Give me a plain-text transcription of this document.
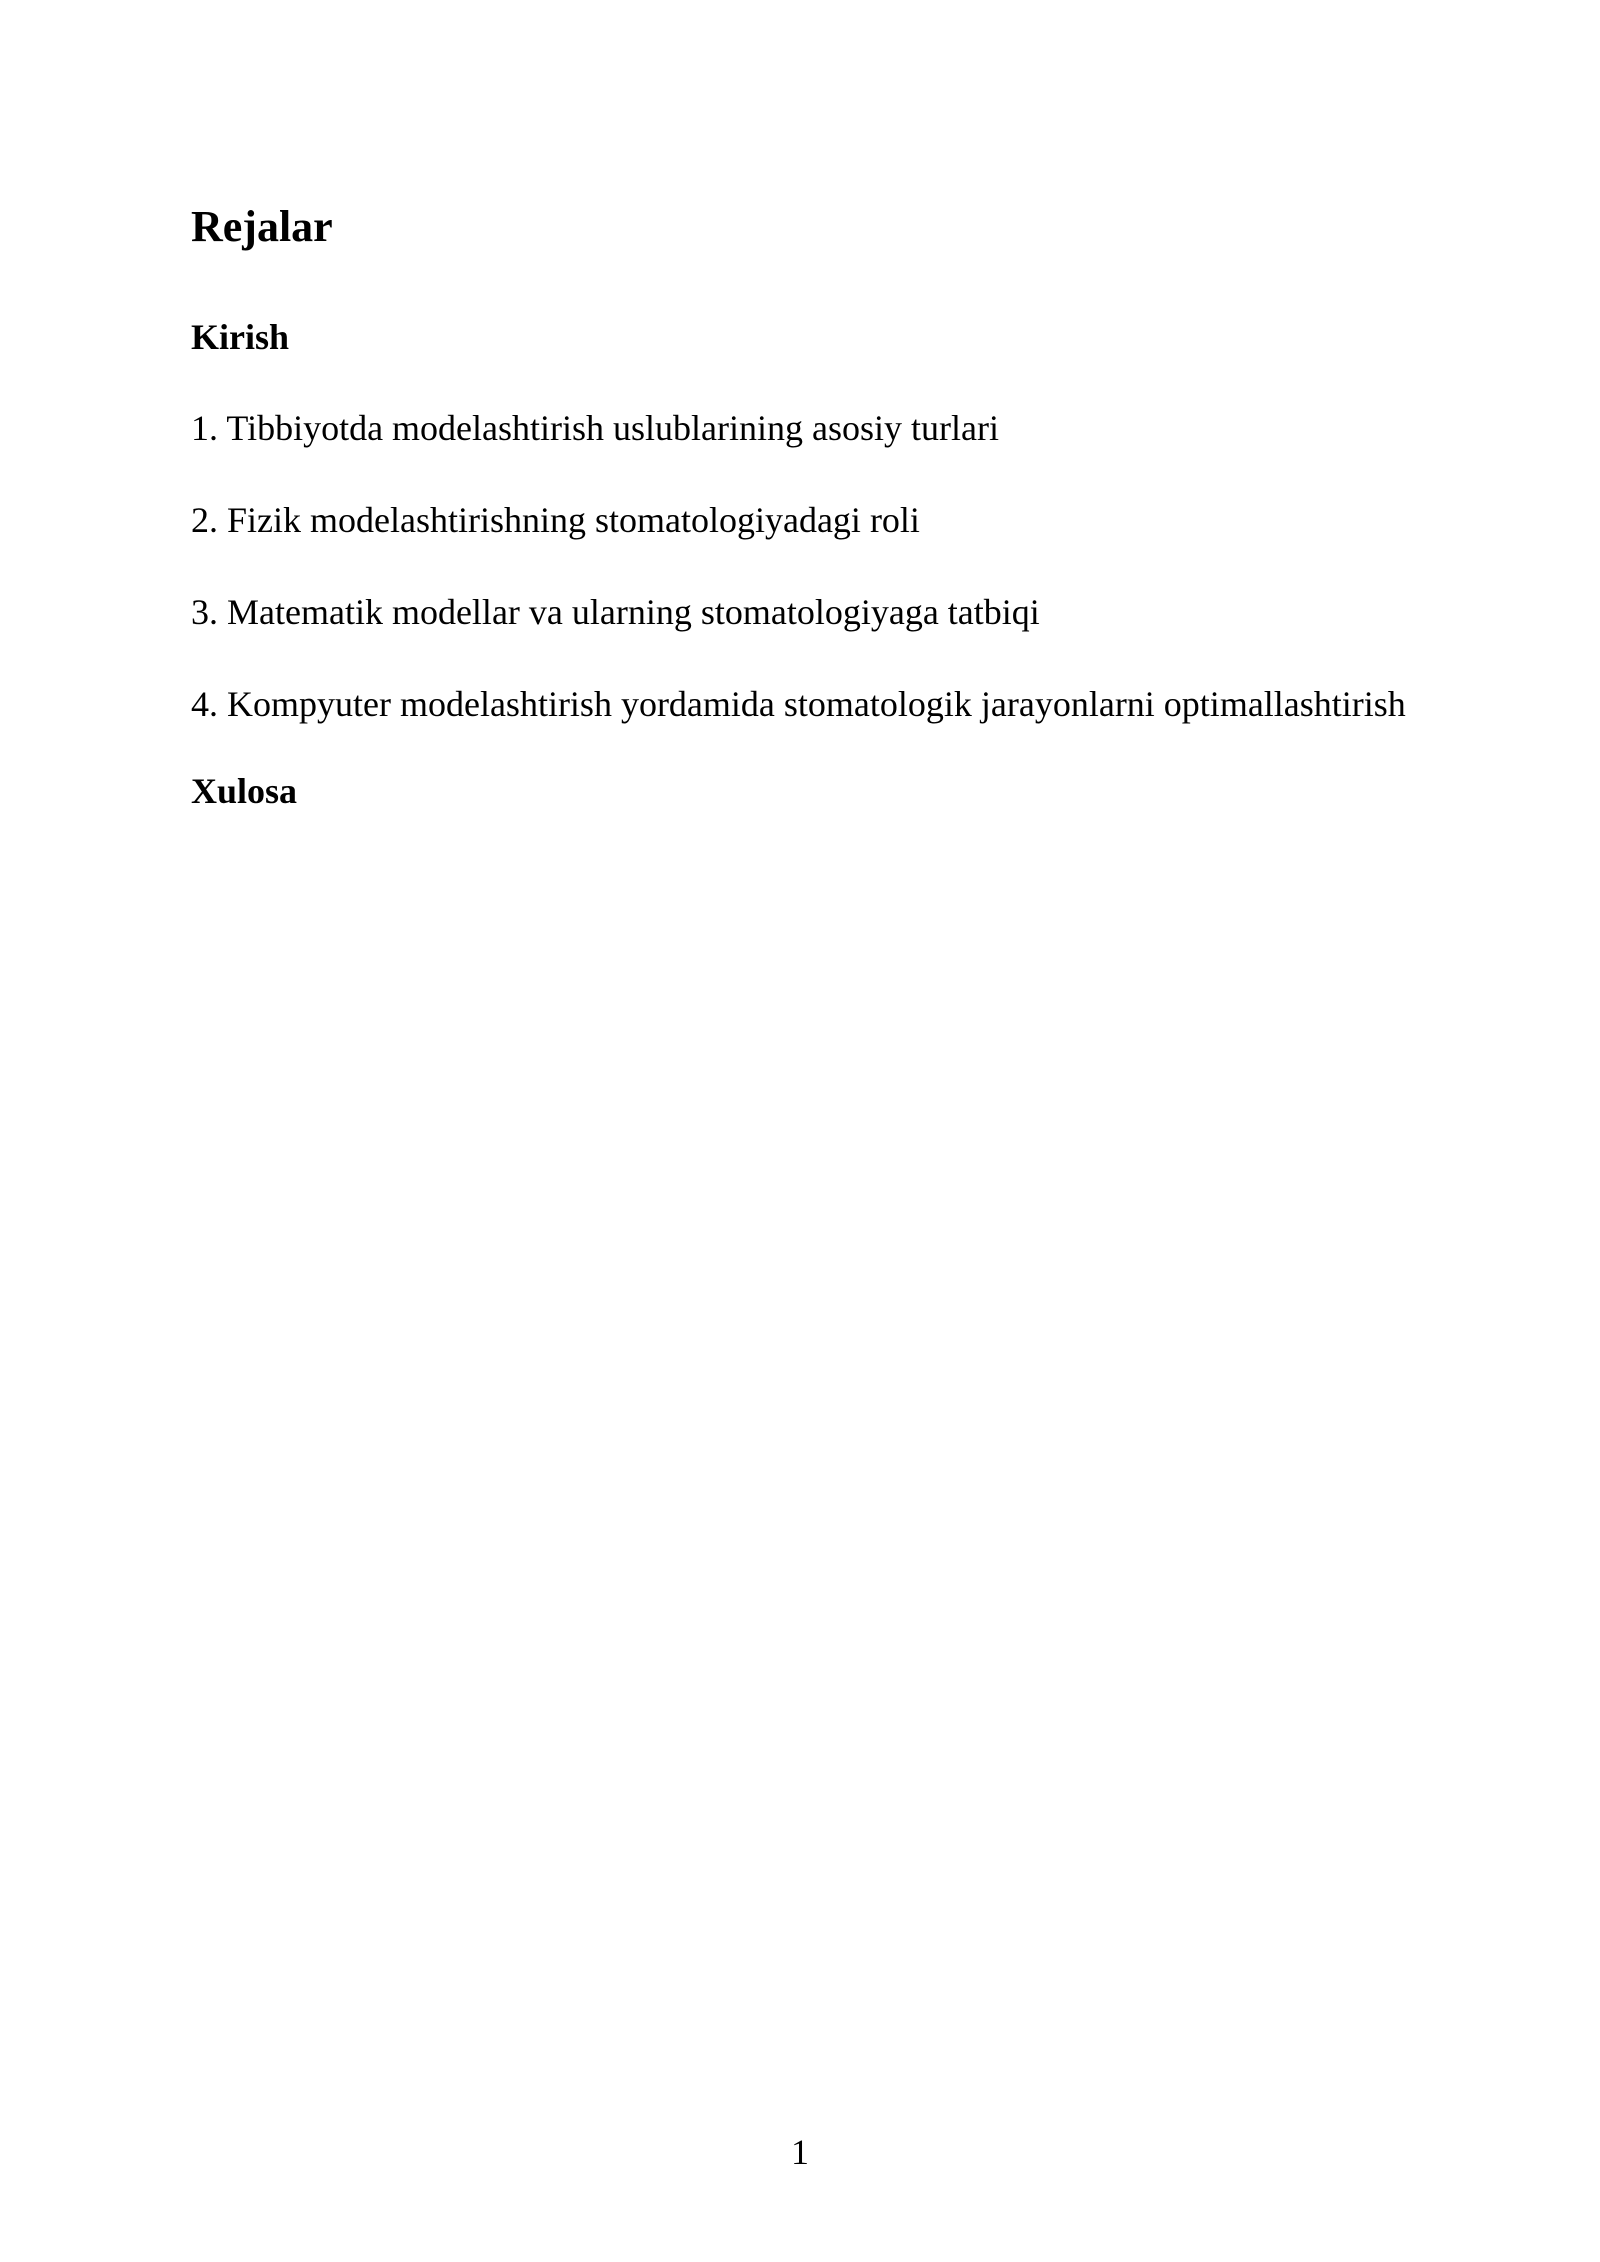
Rejalar
Kirish
1. Tibbiyotda modelashtirish uslublarining asosiy turlari
2. Fizik modelashtirishning stomatologiyadagi roli
3. Matematik modellar va ularning stomatologiyaga tatbiqi
4. Kompyuter modelashtirish yordamida stomatologik jarayonlarni optimallashtirish
Xulosa
1
